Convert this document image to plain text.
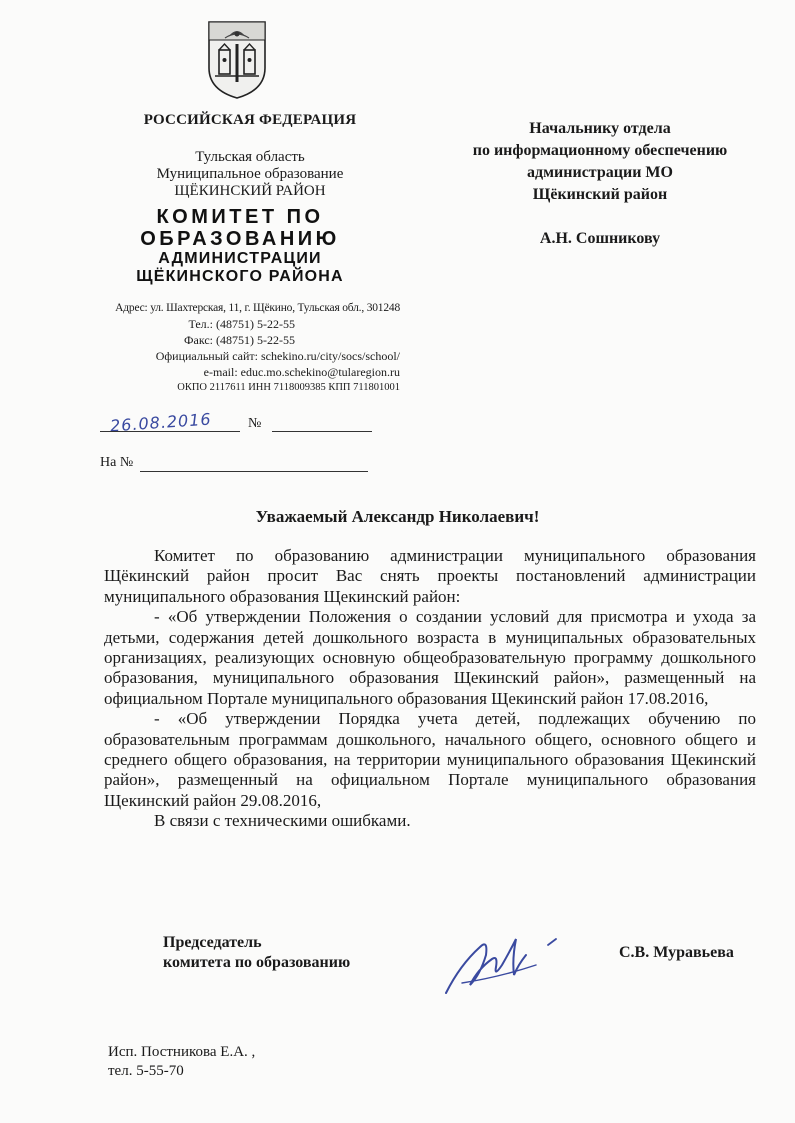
РОССИЙСКАЯ ФЕДЕРАЦИЯ
Тульская область
Муниципальное образование
ЩЁКИНСКИЙ РАЙОН
КОМИТЕТ ПО
ОБРАЗОВАНИЮ
АДМИНИСТРАЦИИ
ЩЁКИНСКОГО РАЙОНА
Адрес: ул. Шахтерская, 11, г. Щёкино, Тульская обл., 301248
Тел.: (48751) 5-22-55
Факс: (48751) 5-22-55
Официальный сайт: schekino.ru/city/socs/school/
e-mail: educ.mo.schekino@tularegion.ru
ОКПО 2117611 ИНН 7118009385 КПП 711801001
26.08.2016	№
На №
Начальнику отдела
по информационному обеспечению
администрации МО
Щёкинский район
А.Н. Сошникову
Уважаемый Александр Николаевич!

Комитет по образованию администрации муниципального образования Щёкинский район просит Вас снять проекты постановлений администрации муниципального образования Щекинский район:

- «Об утверждении Положения о создании условий для присмотра и ухода за детьми, содержания детей дошкольного возраста в муниципальных образовательных организациях, реализующих основную общеобразовательную программу дошкольного образования, муниципального образования Щекинский район», размещенный на официальном Портале муниципального образования Щекинский район 17.08.2016,

- «Об утверждении Порядка учета детей, подлежащих обучению по образовательным программам дошкольного, начального общего, основного общего и среднего общего образования, на территории муниципального образования Щекинский район», размещенный на официальном Портале муниципального образования Щекинский район 29.08.2016,

В связи с техническими ошибками.

Председатель
комитета по образованию
С.В. Муравьева
Исп. Постникова Е.А. ,
тел. 5-55-70
